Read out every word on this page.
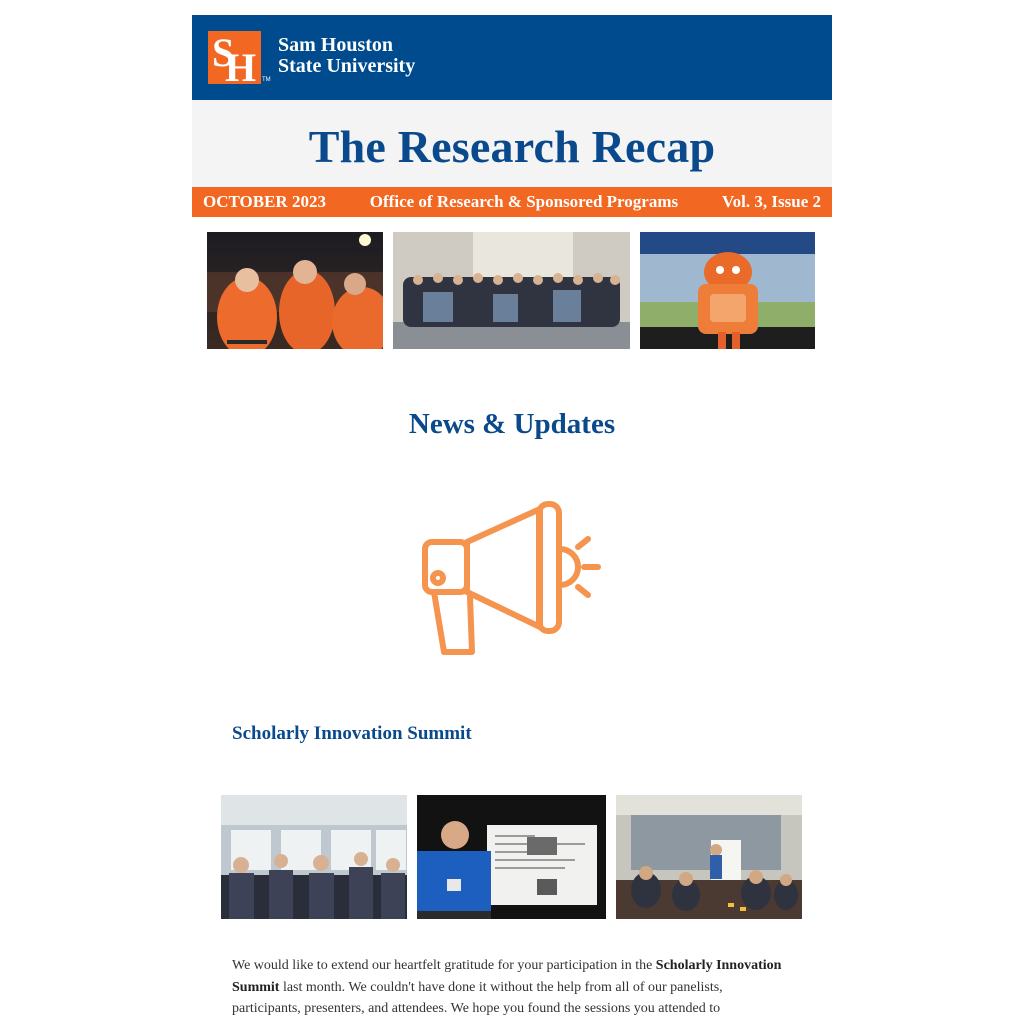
S
H TM
Sam Houston
State University
The Research Recap
OCTOBER 2023	Office of Research & Sponsored Programs	Vol. 3, Issue 2
News & Updates
Scholarly Innovation Summit
We would like to extend our heartfelt gratitude for your participation in the Scholarly Innovation Summit last month. We couldn't have done it without the help from all of our panelists, participants, presenters, and attendees. We hope you found the sessions you attended to
